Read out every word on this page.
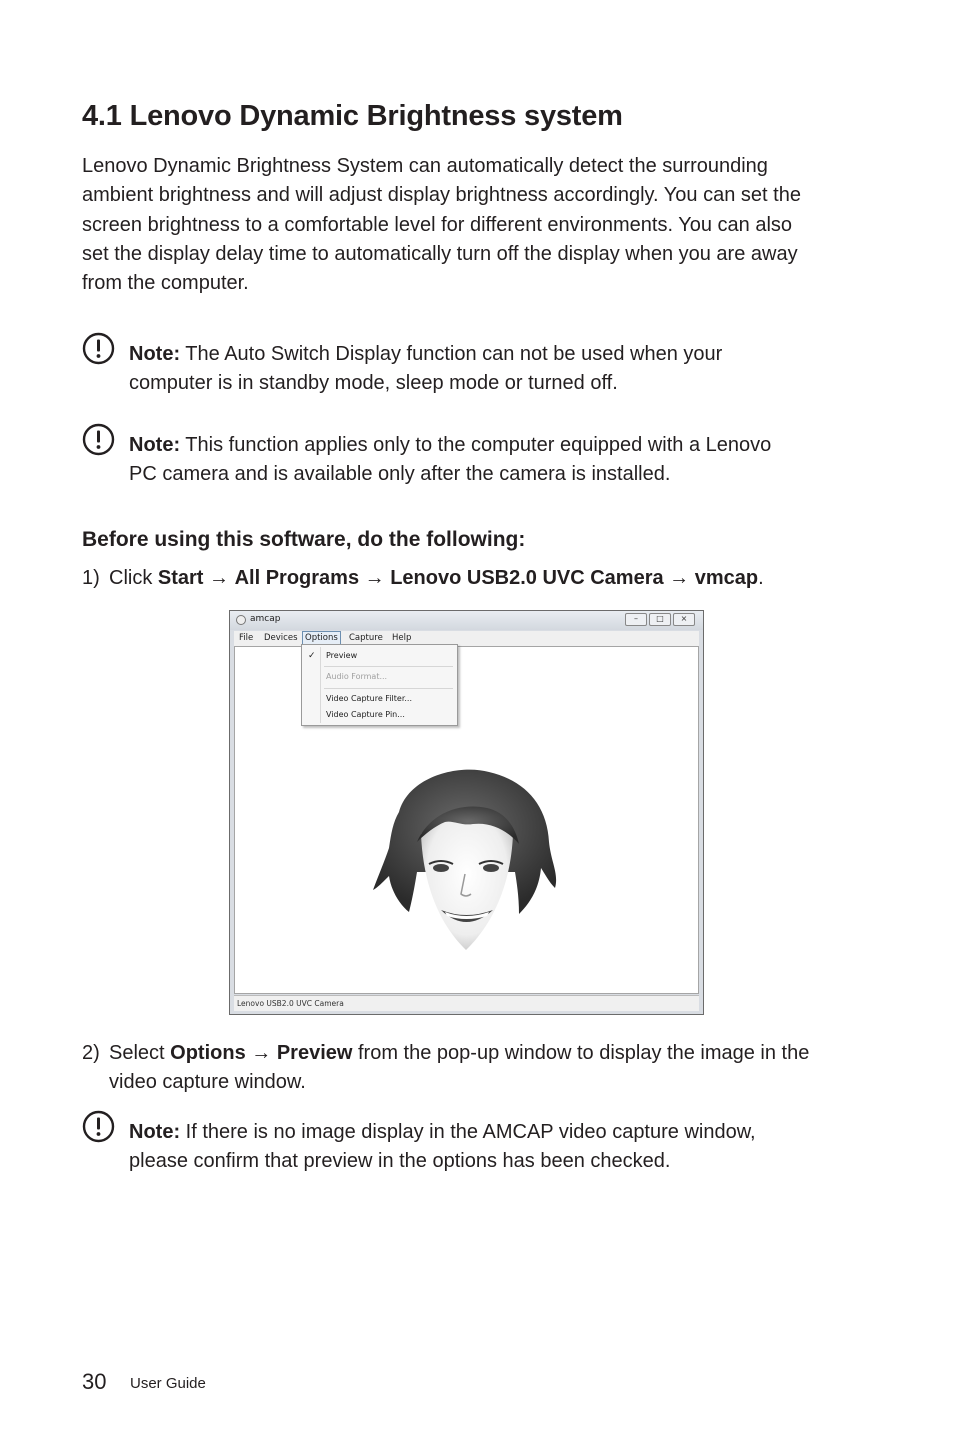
4.1 Lenovo Dynamic Brightness system
Lenovo Dynamic Brightness System can automatically detect the surrounding
ambient brightness and will adjust display brightness accordingly. You can set the
screen brightness to a comfortable level for different environments. You can also
set the display delay time to automatically turn off the display when you are away
from the computer.
Note: The Auto Switch Display function can not be used when your
computer is in standby mode, sleep mode or turned off.
Note: This function applies only to the computer equipped with a Lenovo
PC camera and is available only after the camera is installed.
Before using this software, do the following:
1) Click Start → All Programs → Lenovo USB2.0 UVC Camera → vmcap.
amcap	–	□	×
File Devices Options	Capture Help
Lenovo USB2.0 UVC Camera
✓ Preview
Audio Format...
Video Capture Filter...
Video Capture Pin...
2) Select Options → Preview from the pop-up window to display the image in the
video capture window.
Note: If there is no image display in the AMCAP video capture window,
please confirm that preview in the options has been checked.
30 User Guide
